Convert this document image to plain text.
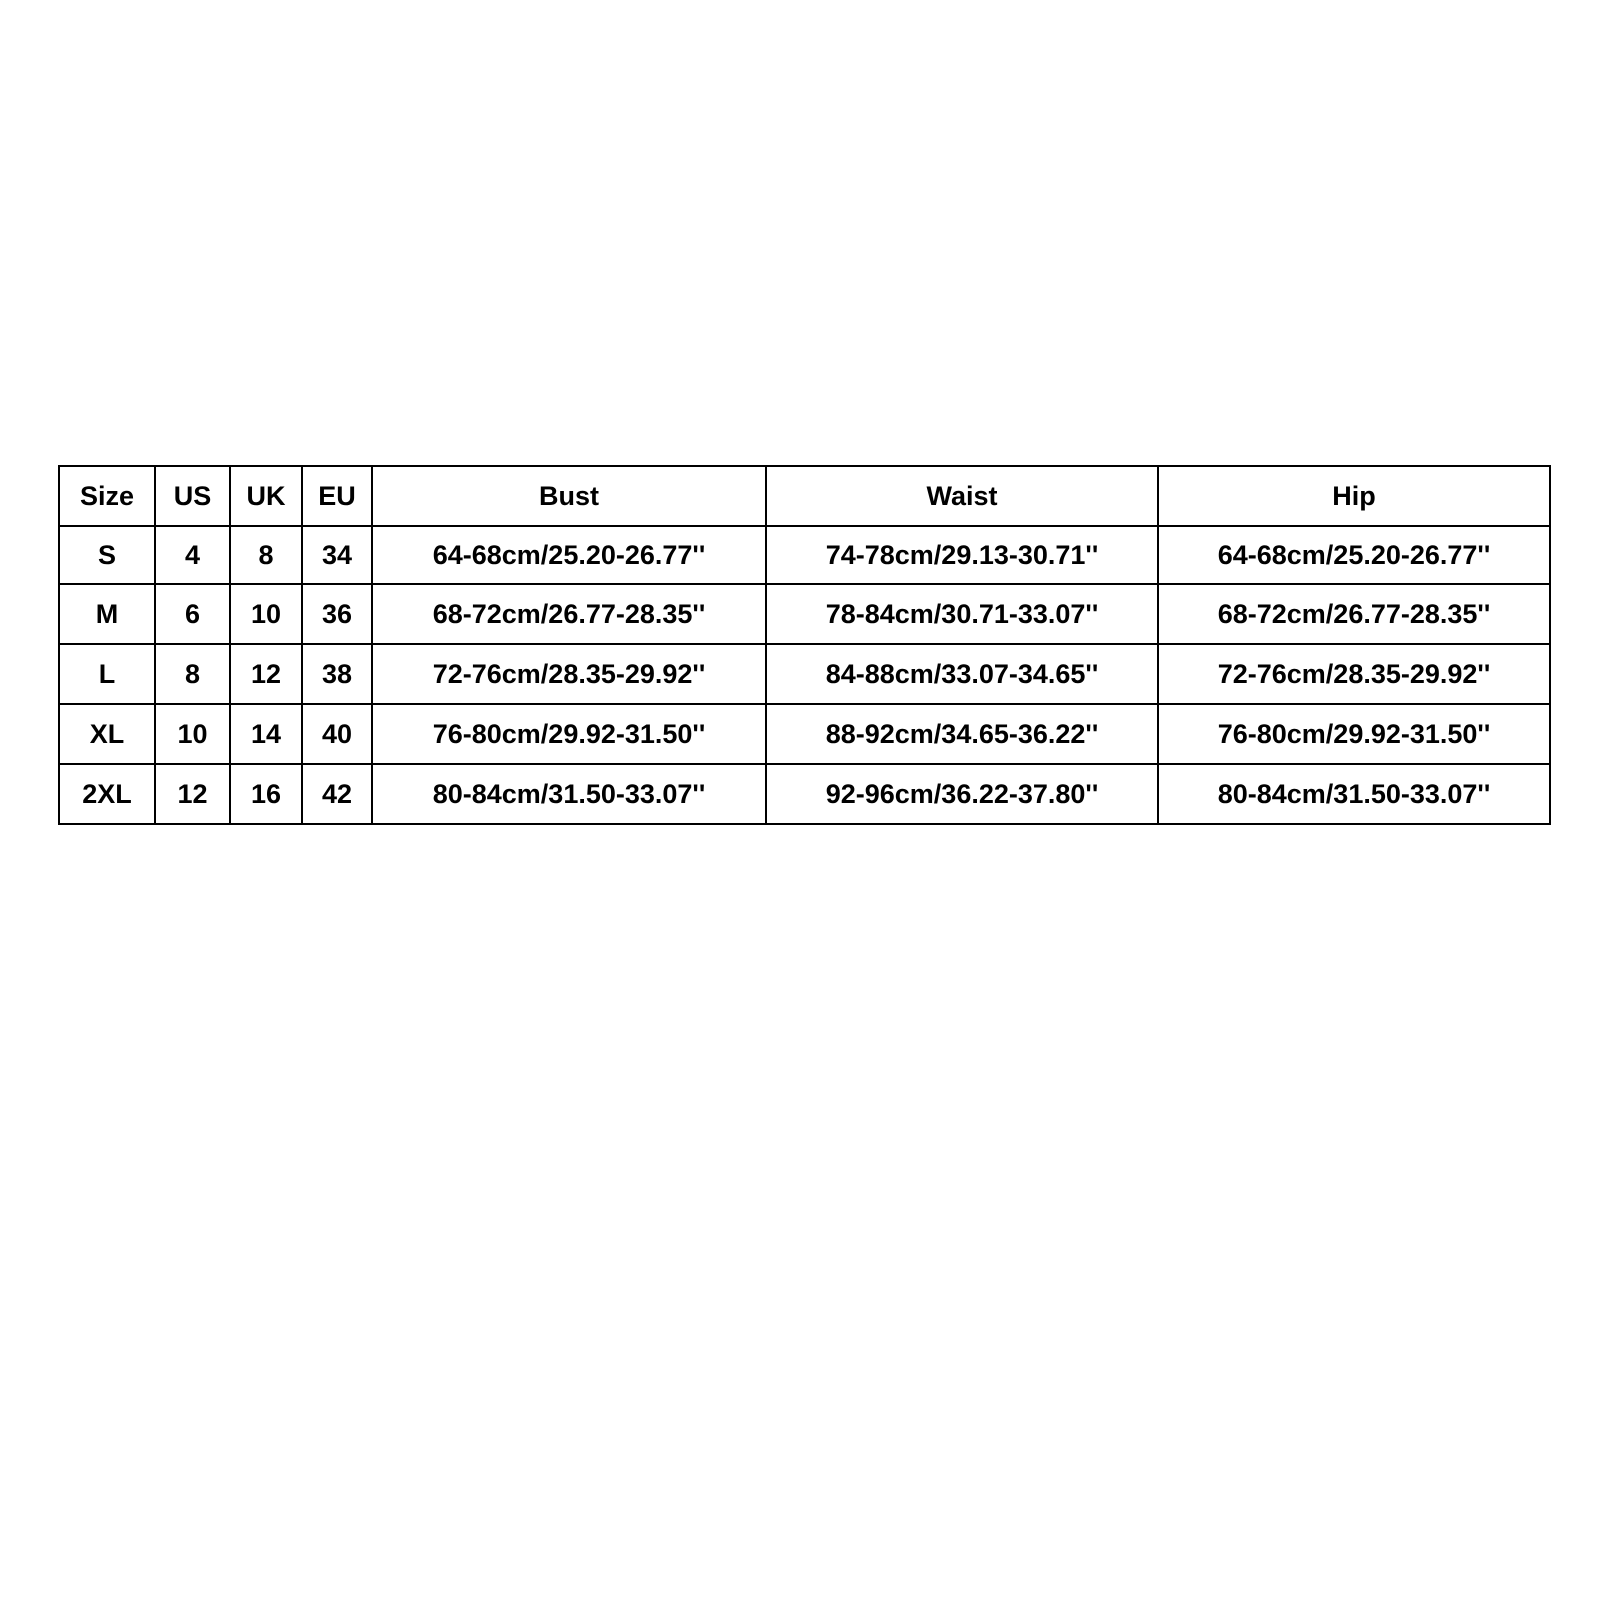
Size	US	UK	EU	Bust	Waist	Hip
S	4	8	34	64-68cm/25.20-26.77''	74-78cm/29.13-30.71''	64-68cm/25.20-26.77''
M	6	10	36	68-72cm/26.77-28.35''	78-84cm/30.71-33.07''	68-72cm/26.77-28.35''
L	8	12	38	72-76cm/28.35-29.92''	84-88cm/33.07-34.65''	72-76cm/28.35-29.92''
XL	10	14	40	76-80cm/29.92-31.50''	88-92cm/34.65-36.22''	76-80cm/29.92-31.50''
2XL	12	16	42	80-84cm/31.50-33.07''	92-96cm/36.22-37.80''	80-84cm/31.50-33.07''
